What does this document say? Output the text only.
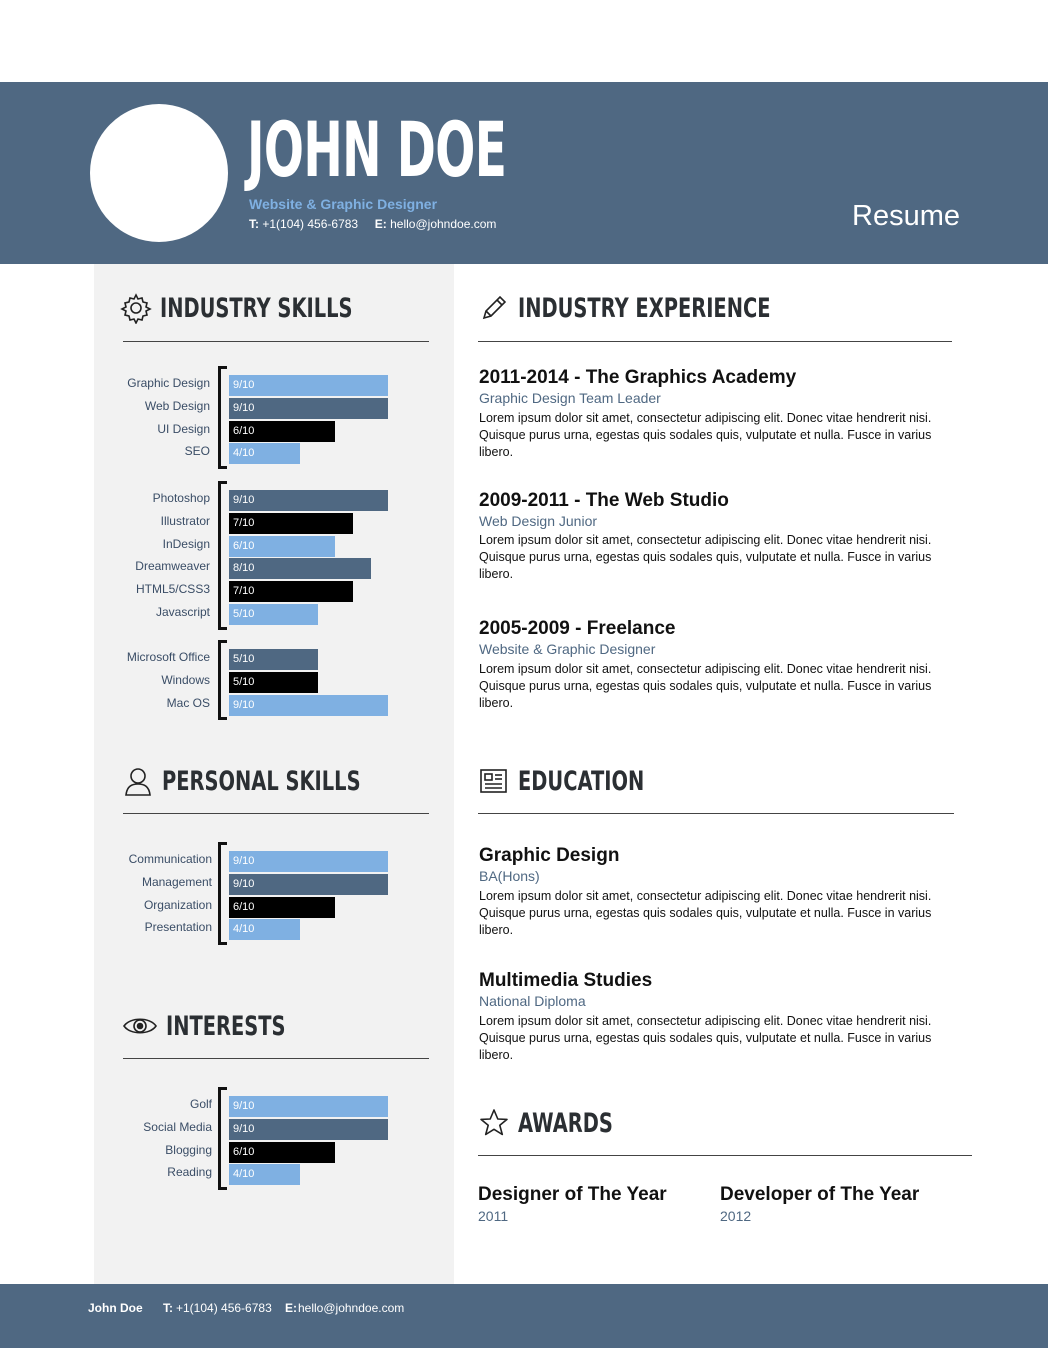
JOHN DOE
Website & Graphic Designer
T: +1(104) 456-6783 E: hello@johndoe.com	Resume
INDUSTRY SKILLS
Graphic Design 9/10
Web Design 9/10
UI Design 6/10
SEO 4/10
Photoshop 9/10
Illustrator 7/10
InDesign 6/10
Dreamweaver 8/10
HTML5/CSS3 7/10
Javascript 5/10
Microsoft Office 5/10
Windows 5/10
Mac OS 9/10
PERSONAL SKILLS
Communication 9/10
Management 9/10
Organization 6/10
Presentation 4/10
INTERESTS
Golf 9/10
Social Media 9/10
Blogging 6/10
Reading 4/10
INDUSTRY EXPERIENCE
2011-2014 - The Graphics Academy
Graphic Design Team Leader
Lorem ipsum dolor sit amet, consectetur adipiscing elit. Donec vitae hendrerit nisi. Quisque purus urna, egestas quis sodales quis, vulputate et nulla. Fusce in varius libero.
2009-2011 - The Web Studio
Web Design Junior
Lorem ipsum dolor sit amet, consectetur adipiscing elit. Donec vitae hendrerit nisi. Quisque purus urna, egestas quis sodales quis, vulputate et nulla. Fusce in varius libero.
2005-2009 - Freelance
Website & Graphic Designer
Lorem ipsum dolor sit amet, consectetur adipiscing elit. Donec vitae hendrerit nisi. Quisque purus urna, egestas quis sodales quis, vulputate et nulla. Fusce in varius libero.
EDUCATION
Graphic Design
BA(Hons)
Lorem ipsum dolor sit amet, consectetur adipiscing elit. Donec vitae hendrerit nisi. Quisque purus urna, egestas quis sodales quis, vulputate et nulla. Fusce in varius libero.
Multimedia Studies
National Diploma
Lorem ipsum dolor sit amet, consectetur adipiscing elit. Donec vitae hendrerit nisi. Quisque purus urna, egestas quis sodales quis, vulputate et nulla. Fusce in varius libero.
AWARDS
Designer of The Year
2011
Developer of The Year
2012
John Doe T: +1(104) 456-6783 E: hello@johndoe.com
